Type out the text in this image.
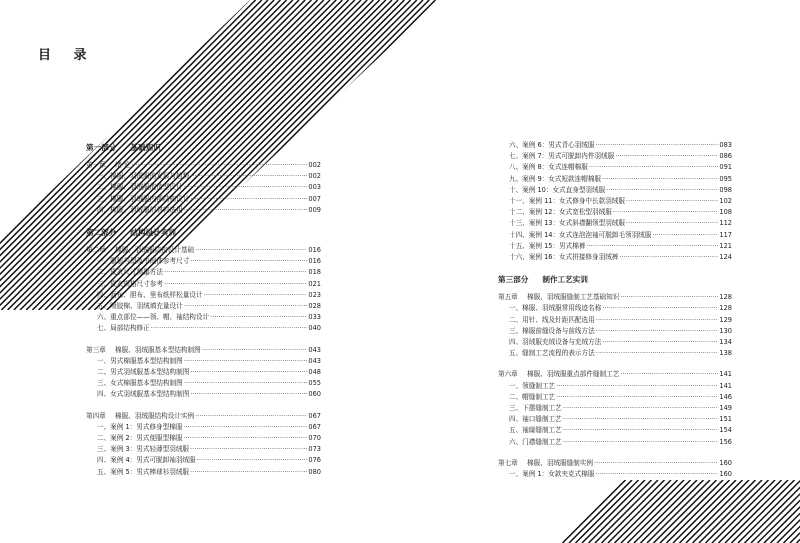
目 录
第一部分 基础知识
第一章 绪 论 ·····	002
一、棉服、羽绒服的发展与趋势 ·····	002
二、棉服、羽绒服的造型设计 ·····	003
三、棉服、羽绒服内部结构设计 ·····	007
四、棉服、羽绒服的材料选用 ·····	009
第二部分 结构设计实训
第二章 棉服、羽绒服结构设计基础 ·····	016
一、服装号型及中间体参考尺寸 ·····	016
二、成衣尺寸测量方法 ·····	018
三、成衣规格尺寸参考 ·····	021
四、面布、胆布、里布纸样松量设计 ·····	023
五、喷胶棉、羽绒填充量设计 ·····	028
六、重点部位——领、帽、袖结构设计 ·····	033
七、局部结构修正 ·····	040
第三章 棉服、羽绒服基本型结构制图 ·····	043
一、男式棉服基本型结构制图 ·····	043
二、男式羽绒服基本型结构制图 ·····	048
三、女式棉服基本型结构制图 ·····	055
四、女式羽绒服基本型结构制图 ·····	060
第四章 棉服、羽绒服结构设计实例 ·····	067
一、案例 1：男式修身型棉服 ·····	067
二、案例 2：男式便服型棉服 ·····	070
三、案例 3：男式轻薄型羽绒服 ·····	073
四、案例 4：男式可脱卸袖羽绒服 ·····	076
五、案例 5：男式棒球衫羽绒服 ·····	080
六、案例 6：男式背心羽绒服 ·····	083
七、案例 7：男式可脱卸内件羽绒服 ·····	086
八、案例 8：女式连帽棉服 ·····	091
九、案例 9：女式短款连帽棉服 ·····	095
十、案例 10：女式直身型羽绒服 ·····	098
十一、案例 11：女式修身中长款羽绒服 ·····	102
十二、案例 12：女式宽松型羽绒服 ·····	108
十三、案例 13：女式斜襟翻领型羽绒服 ·····	112
十四、案例 14：女式连泡泡袖可脱卸毛领羽绒服 ·····	117
十五、案例 15：男式棉裤 ·····	121
十六、案例 16：女式拼接修身羽绒裤 ·····	124
第三部分 制作工艺实训
第五章 棉服、羽绒服缝制工艺基础知识 ·····	128
一、棉服、羽绒服常用线迹名称 ·····	128
二、用针、线及针距匹配选用 ·····	129
三、棉服前缝设备与前线方法 ·····	130
四、羽绒服充绒设备与充绒方法 ·····	134
五、缝制工艺流程的表示方法 ·····	138
第六章 棉服、羽绒服重点部件缝制工艺 ·····	141
一、领缝制工艺 ·····	141
二、帽缝制工艺 ·····	146
三、下摆缝制工艺 ·····	149
四、袖口缝制工艺 ·····	151
五、袖窿缝制工艺 ·····	154
六、门襟缝制工艺 ·····	156
第七章 棉服、羽绒服缝制实例 ·····	160
一、案例 1：女款夹克式棉服 ·····	160
